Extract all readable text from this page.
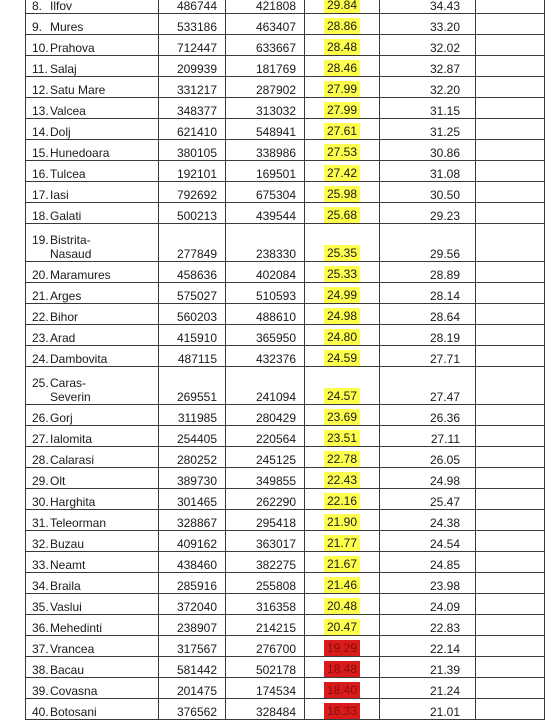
8. Ilfov	486744	421808	29.84	34.43	
9. Mures	533186	463407	28.86	33.20	
10.Prahova	712447	633667	28.48	32.02	
11. Salaj	209939	181769	28.46	32.87	
12.Satu Mare	331217	287902	27.99	32.20	
13.Valcea	348377	313032	27.99	31.15	
14.Dolj	621410	548941	27.61	31.25	
15.Hunedoara	380105	338986	27.53	30.86	
16.Tulcea	192101	169501	27.42	31.08	
17.Iasi	792692	675304	25.98	30.50	
18.Galati	500213	439544	25.68	29.23	

19.Bistrita-
Nasaud	277849	238330	25.35	29.56	
20.Maramures	458636	402084	25.33	28.89	
21.Arges	575027	510593	24.99	28.14	
22.Bihor	560203	488610	24.98	28.64	
23.Arad	415910	365950	24.80	28.19	
24.Dambovita	487115	432376	24.59	27.71	

25.Caras-
Severin	269551	241094	24.57	27.47	
26.Gorj	311985	280429	23.69	26.36	
27.Ialomita	254405	220564	23.51	27.11	
28.Calarasi	280252	245125	22.78	26.05	
29.Olt	389730	349855	22.43	24.98	
30.Harghita	301465	262290	22.16	25.47	
31.Teleorman	328867	295418	21.90	24.38	
32.Buzau	409162	363017	21.77	24.54	
33.Neamt	438460	382275	21.67	24.85	
34.Braila	285916	255808	21.46	23.98	
35.Vaslui	372040	316358	20.48	24.09	
36.Mehedinti	238907	214215	20.47	22.83	
37.Vrancea	317567	276700	19.29	22.14	
38.Bacau	581442	502178	18.48	21.39	
39.Covasna	201475	174534	18.40	21.24	
40.Botosani	376562	328484	16.33	21.01	
